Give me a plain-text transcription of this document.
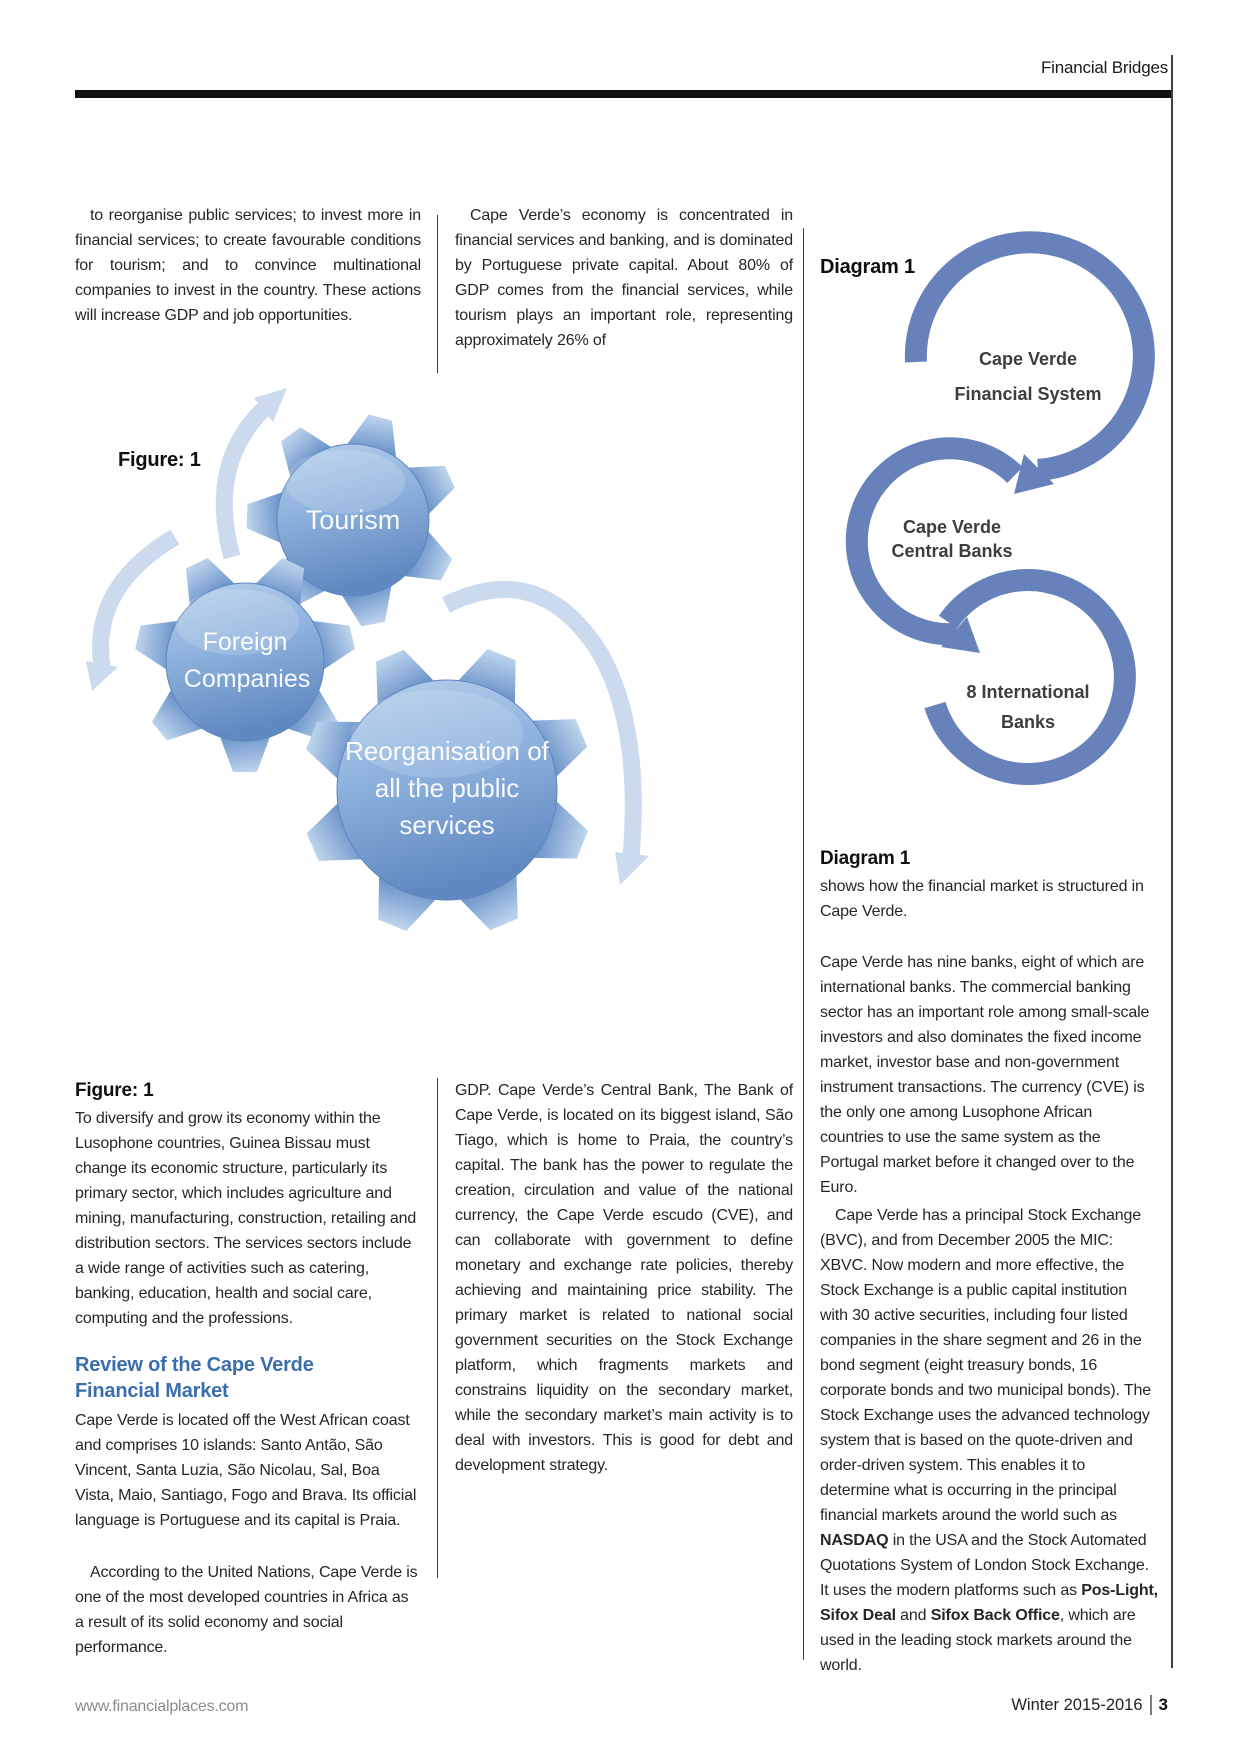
Financial Bridges

to reorganise public services; to invest more in financial services; to create favourable conditions for tourism; and to convince multinational companies to invest in the country. These actions will increase GDP and job opportunities.

Figure: 1
Tourism
Foreign
Companies
Reorganisation of
all the public
services
Figure: 1

To diversify and grow its economy within the Lusophone countries, Guinea Bissau must change its economic structure, particularly its primary sector, which includes agriculture and mining, manufacturing, construction, retailing and distribution sectors. The services sectors include a wide range of activities such as catering, banking, education, health and social care, computing and the professions.

Review of the Cape Verde Financial Market

Cape Verde is located off the West African coast and comprises 10 islands: Santo Antão, São Vincent, Santa Luzia, São Nicolau, Sal, Boa Vista, Maio, Santiago, Fogo and Brava. Its official language is Portuguese and its capital is Praia.

According to the United Nations, Cape Verde is one of the most developed countries in Africa as a result of its solid economy and social performance.

Cape Verde’s economy is concentrated in financial services and banking, and is dominated by Portuguese private capital. About 80% of GDP comes from the financial services, while tourism plays an important role, representing approximately 26% of

GDP. Cape Verde’s Central Bank, The Bank of Cape Verde, is located on its biggest island, São Tiago, which is home to Praia, the country’s capital. The bank has the power to regulate the creation, circulation and value of the national currency, the Cape Verde escudo (CVE), and can collaborate with government to define monetary and exchange rate policies, thereby achieving and maintaining price stability. The primary market is related to national social government securities on the Stock Exchange platform, which fragments markets and constrains liquidity on the secondary market, while the secondary market’s main activity is to deal with investors. This is good for debt and development strategy.

Diagram 1
Cape Verde
Financial System
Cape Verde
Central Banks
8 International
Banks
Diagram 1

shows how the financial market is structured in Cape Verde.

Cape Verde has nine banks, eight of which are international banks. The commercial banking sector has an important role among small-scale investors and also dominates the fixed income market, investor base and non-government instrument transactions. The currency (CVE) is the only one among Lusophone African countries to use the same system as the Portugal market before it changed over to the Euro.

Cape Verde has a principal Stock Exchange (BVC), and from December 2005 the MIC: XBVC. Now modern and more effective, the Stock Exchange is a public capital institution with 30 active securities, including four listed companies in the share segment and 26 in the bond segment (eight treasury bonds, 16 corporate bonds and two municipal bonds). The Stock Exchange uses the advanced technology system that is based on the quote-driven and order-driven system. This enables it to determine what is occurring in the principal financial markets around the world such as NASDAQ in the USA and the Stock Automated Quotations System of London Stock Exchange. It uses the modern platforms such as Pos-Light, Sifox Deal and Sifox Back Office, which are used in the leading stock markets around the world.

www.financialplaces.com	Winter 2015-2016 3
